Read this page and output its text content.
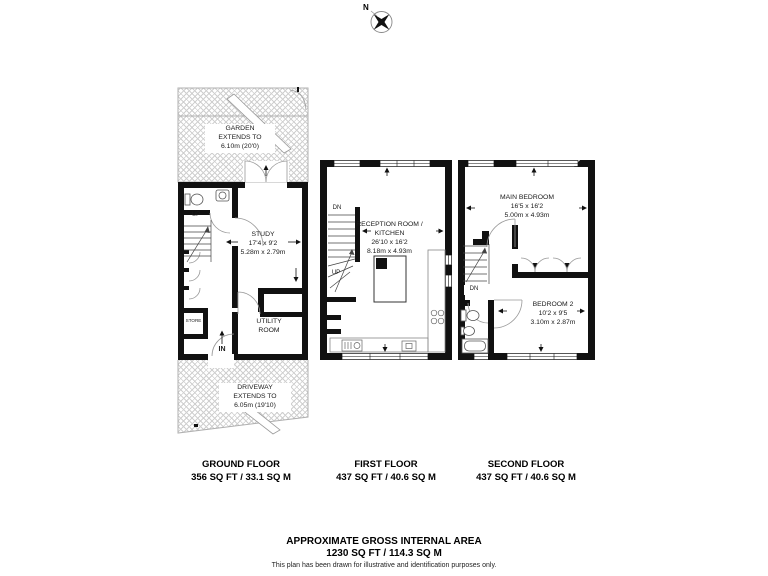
N
GARDEN
EXTENDS TO
6.10m (20'0)
UP
STUDY
17'4 x 9'2
5.28m x 2.79m
STORE
IN
UTILITY
ROOM
DRIVEWAY
EXTENDS TO
6.05m (19'10)
DN
UP
RECEPTION ROOM /
KITCHEN
26'10 x 16'2
8.18m x 4.93m
MAIN BEDROOM
16'5 x 16'2
5.00m x 4.93m
DN
BEDROOM 2
10'2 x 9'5
3.10m x 2.87m
GROUND FLOOR
356 SQ FT / 33.1 SQ M
FIRST FLOOR
437 SQ FT / 40.6 SQ M
SECOND FLOOR
437 SQ FT / 40.6 SQ M
APPROXIMATE GROSS INTERNAL AREA
1230 SQ FT / 114.3 SQ M
This plan has been drawn for illustrative and identification purposes only.
